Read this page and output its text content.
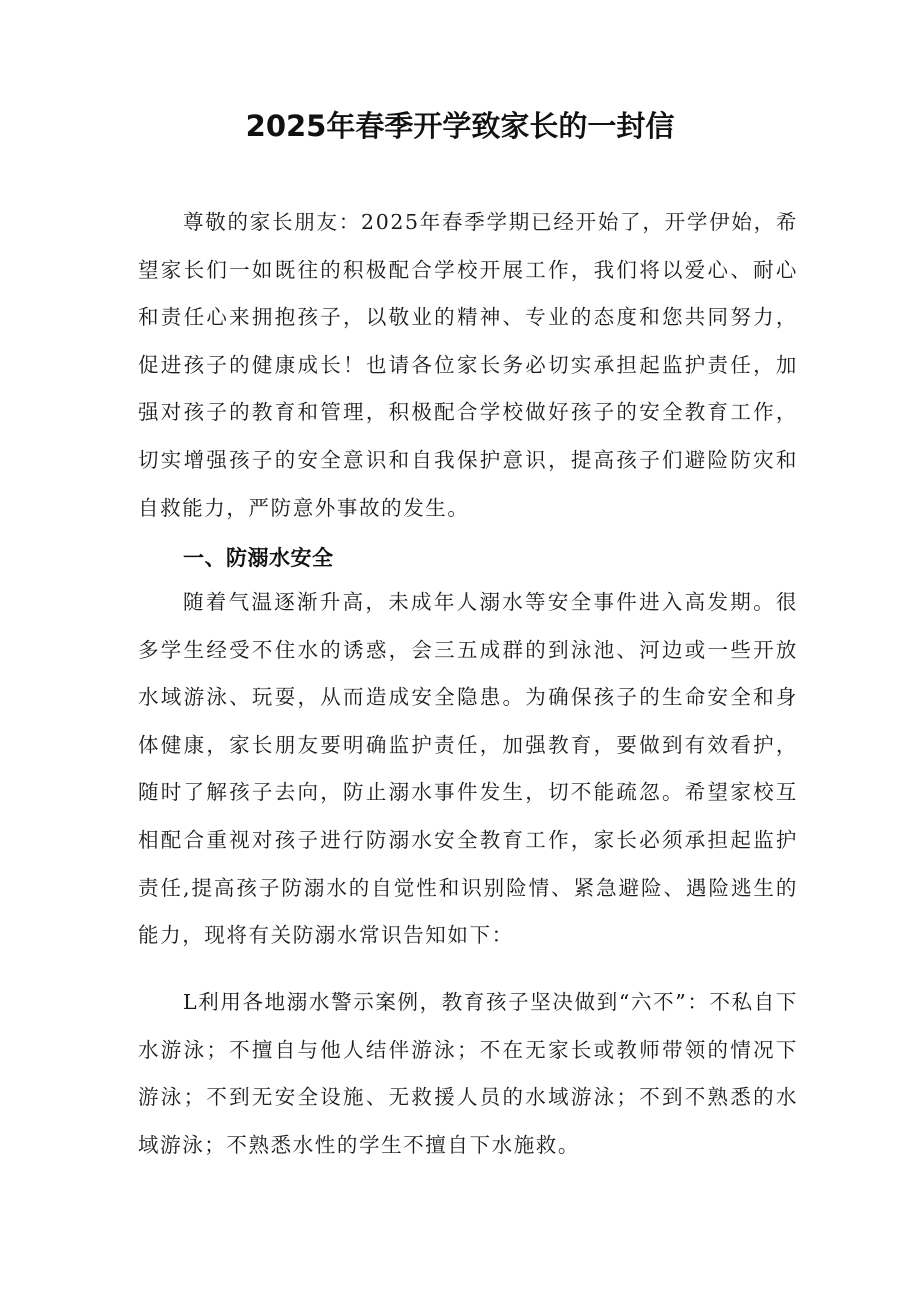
2025年春季开学致家长的一封信

尊敬的家长朋友：2025年春季学期已经开始了，开学伊始，希望家长们一如既往的积极配合学校开展工作，我们将以爱心、耐心和责任心来拥抱孩子，以敬业的精神、专业的态度和您共同努力，促进孩子的健康成长！也请各位家长务必切实承担起监护责任，加强对孩子的教育和管理，积极配合学校做好孩子的安全教育工作，切实增强孩子的安全意识和自我保护意识，提高孩子们避险防灾和自救能力，严防意外事故的发生。

一、防溺水安全

随着气温逐渐升高，未成年人溺水等安全事件进入高发期。很多学生经受不住水的诱惑，会三五成群的到泳池、河边或一些开放水域游泳、玩耍，从而造成安全隐患。为确保孩子的生命安全和身体健康，家长朋友要明确监护责任，加强教育，要做到有效看护，随时了解孩子去向，防止溺水事件发生，切不能疏忽。希望家校互相配合重视对孩子进行防溺水安全教育工作，家长必须承担起监护责任,提高孩子防溺水的自觉性和识别险情、紧急避险、遇险逃生的能力，现将有关防溺水常识告知如下：

L利用各地溺水警示案例，教育孩子坚决做到“六不”：不私自下水游泳；不擅自与他人结伴游泳；不在无家长或教师带领的情况下游泳；不到无安全设施、无救援人员的水域游泳；不到不熟悉的水域游泳；不熟悉水性的学生不擅自下水施救。
